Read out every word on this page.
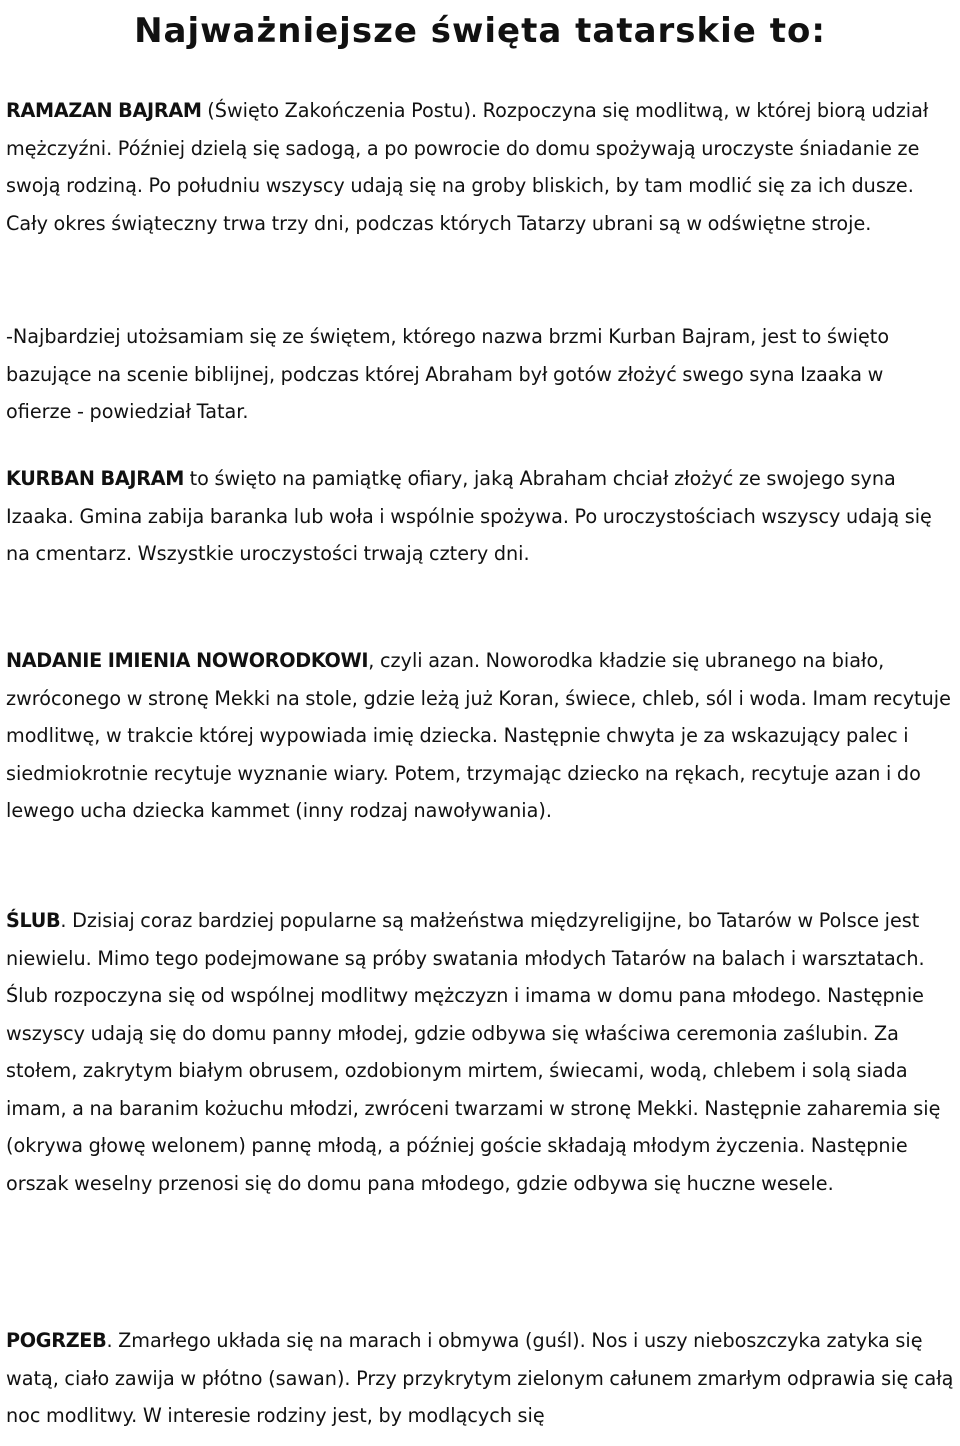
Najważniejsze święta tatarskie to:

RAMAZAN BAJRAM (Święto Zakończenia Postu). Rozpoczyna się modlitwą, w której biorą udział mężczyźni. Później dzielą się sadogą, a po powrocie do domu spożywają uroczyste śniadanie ze swoją rodziną. Po południu wszyscy udają się na groby bliskich, by tam modlić się za ich dusze. Cały okres świąteczny trwa trzy dni, podczas których Tatarzy ubrani są w odświętne stroje.

-Najbardziej utożsamiam się ze świętem, którego nazwa brzmi Kurban Bajram, jest to święto bazujące na scenie biblijnej, podczas której Abraham był gotów złożyć swego syna Izaaka w ofierze - powiedział Tatar.

KURBAN BAJRAM to święto na pamiątkę ofiary, jaką Abraham chciał złożyć ze swojego syna Izaaka. Gmina zabija baranka lub woła i wspólnie spożywa. Po uroczystościach wszyscy udają się na cmentarz. Wszystkie uroczystości trwają cztery dni.

NADANIE IMIENIA NOWORODKOWI, czyli azan. Noworodka kładzie się ubranego na biało, zwróconego w stronę Mekki na stole, gdzie leżą już Koran, świece, chleb, sól i woda. Imam recytuje modlitwę, w trakcie której wypowiada imię dziecka. Następnie chwyta je za wskazujący palec i siedmiokrotnie recytuje wyznanie wiary. Potem, trzymając dziecko na rękach, recytuje azan i do lewego ucha dziecka kammet (inny rodzaj nawoływania).

ŚLUB. Dzisiaj coraz bardziej popularne są małżeństwa międzyreligijne, bo Tatarów w Polsce jest niewielu. Mimo tego podejmowane są próby swatania młodych Tatarów na balach i warsztatach. Ślub rozpoczyna się od wspólnej modlitwy mężczyzn i imama w domu pana młodego. Następnie wszyscy udają się do domu panny młodej, gdzie odbywa się właściwa ceremonia zaślubin. Za stołem, zakrytym białym obrusem, ozdobionym mirtem, świecami, wodą, chlebem i solą siada imam, a na baranim kożuchu młodzi, zwróceni twarzami w stronę Mekki. Następnie zaharemia się (okrywa głowę welonem) pannę młodą, a później goście składają młodym życzenia. Następnie orszak weselny przenosi się do domu pana młodego, gdzie odbywa się huczne wesele.

POGRZEB. Zmarłego układa się na marach i obmywa (guśl). Nos i uszy nieboszczyka zatyka się watą, ciało zawija w płótno (sawan). Przy przykrytym zielonym całunem zmarłym odprawia się całą noc modlitwy. W interesie rodziny jest, by modlących się
